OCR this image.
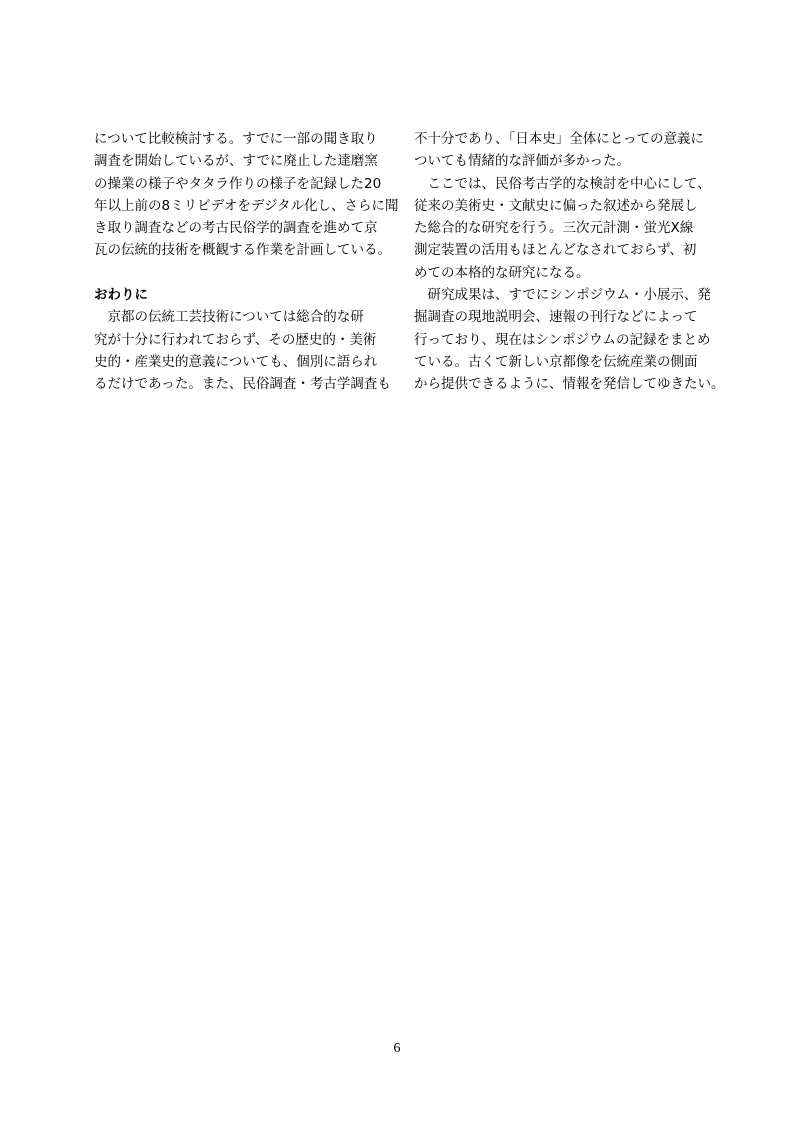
について比較検討する。すでに一部の聞き取り
調査を開始しているが、すでに廃止した達磨窯
の操業の様子やタタラ作りの様子を記録した20
年以上前の8ミリビデオをデジタル化し、さらに聞
き取り調査などの考古民俗学的調査を進めて京
瓦の伝統的技術を概観する作業を計画している。
おわりに
京都の伝統工芸技術については総合的な研
究が十分に行われておらず、その歴史的・美術
史的・産業史的意義についても、個別に語られ
るだけであった。また、民俗調査・考古学調査も
不十分であり、「日本史」全体にとっての意義に
ついても情緒的な評価が多かった。
ここでは、民俗考古学的な検討を中心にして、
従来の美術史・文献史に偏った叙述から発展し
た総合的な研究を行う。三次元計測・蛍光X線
測定装置の活用もほとんどなされておらず、初
めての本格的な研究になる。
研究成果は、すでにシンポジウム・小展示、発
掘調査の現地説明会、速報の刊行などによって
行っており、現在はシンポジウムの記録をまとめ
ている。古くて新しい京都像を伝統産業の側面
から提供できるように、情報を発信してゆきたい。
6
